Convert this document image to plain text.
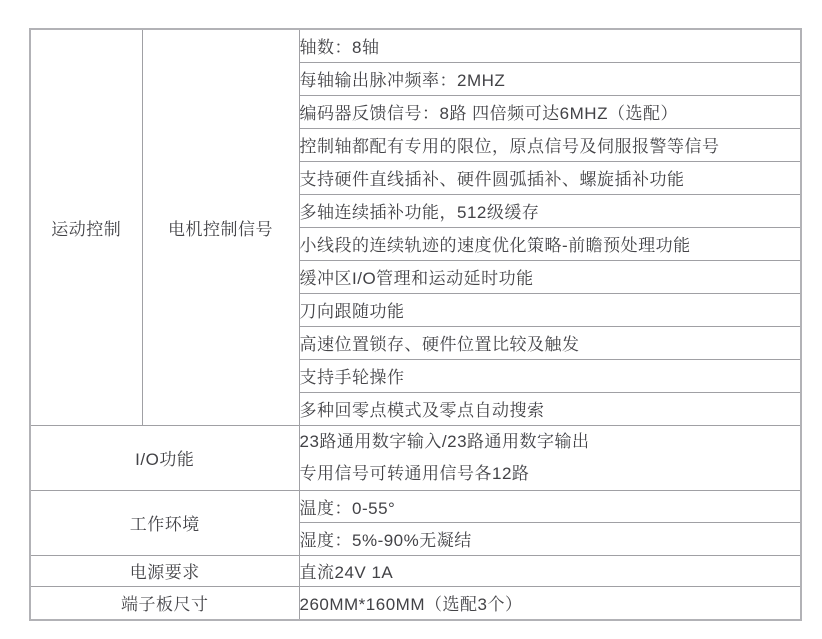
运动控制	电机控制信号	轴数：8轴
		每轴输出脉冲频率：2MHZ
		编码器反馈信号：8路 四倍频可达6MHZ（选配）
		控制轴都配有专用的限位，原点信号及伺服报警等信号
		支持硬件直线插补、硬件圆弧插补、螺旋插补功能
		多轴连续插补功能，512级缓存
		小线段的连续轨迹的速度优化策略-前瞻预处理功能
		缓冲区I/O管理和运动延时功能
		刀向跟随功能
		高速位置锁存、硬件位置比较及触发
		支持手轮操作
		多种回零点模式及零点自动搜索
I/O功能		23路通用数字输入/23路通用数字输出
专用信号可转通用信号各12路

工作环境		温度：0-55°
		湿度：5%-90%无凝结
电源要求		直流24V 1A
端子板尺寸		260MM*160MM（选配3个）
